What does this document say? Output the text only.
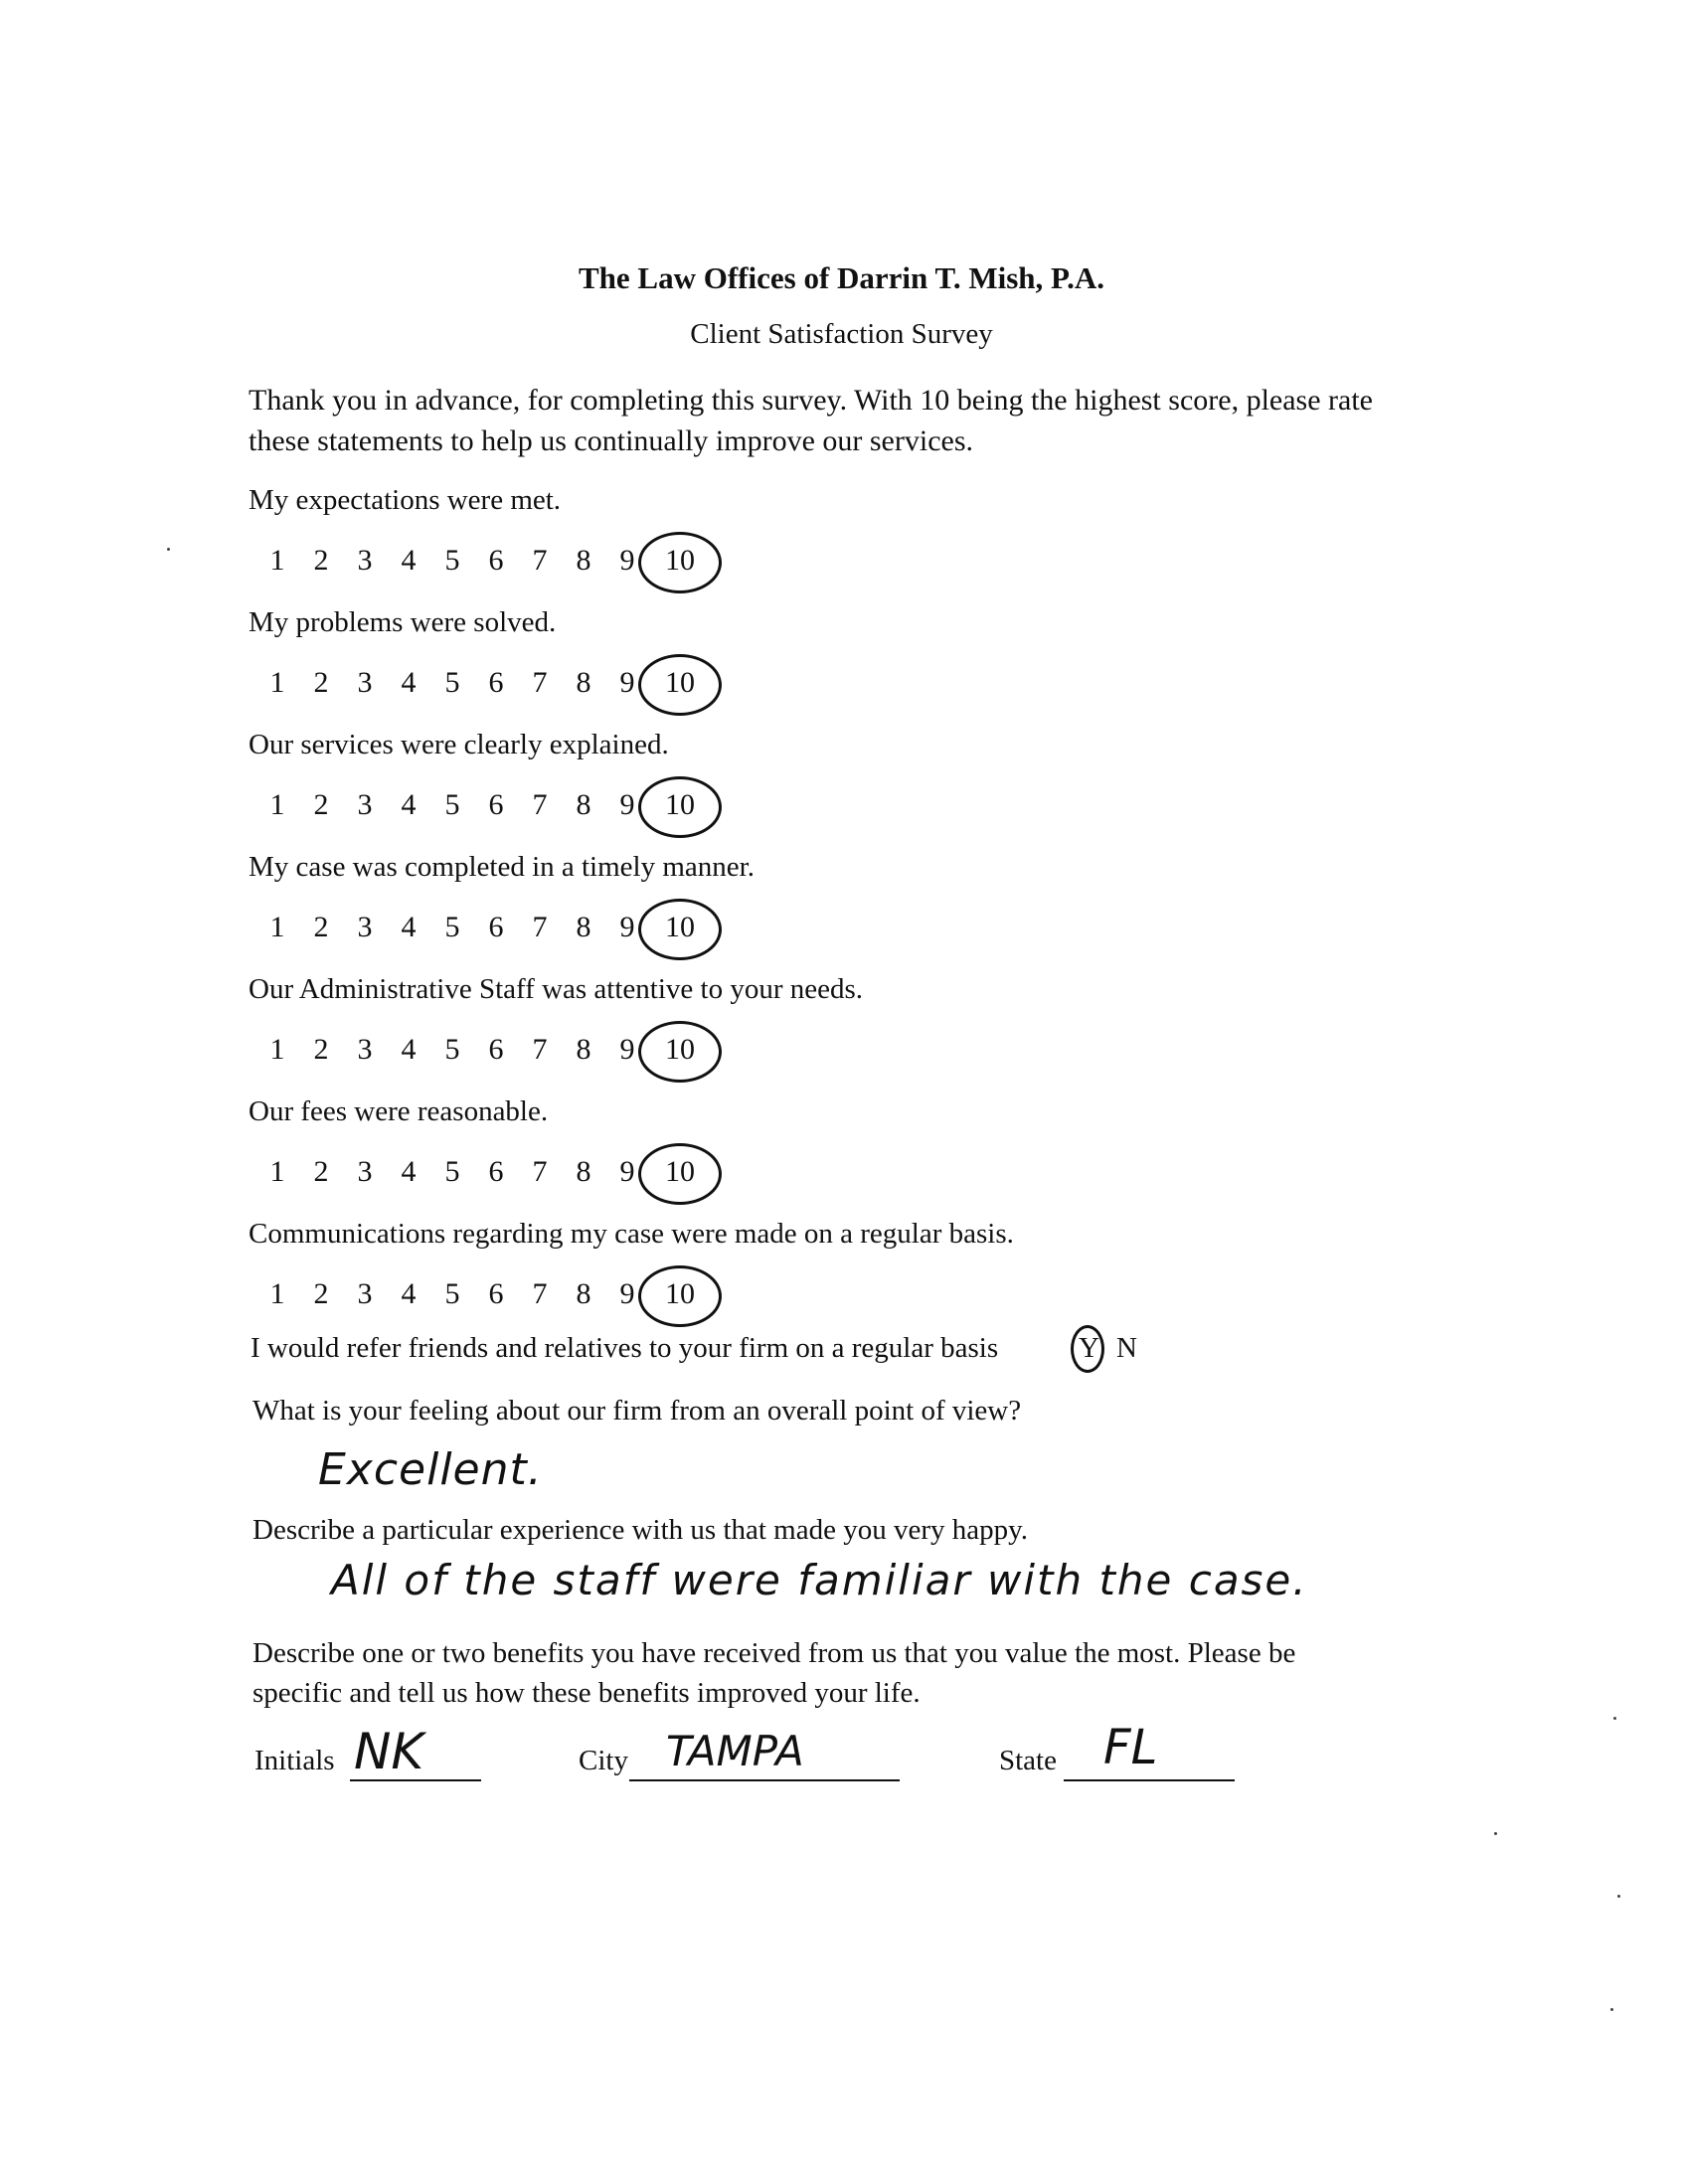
The Law Offices of Darrin T. Mish, P.A.
Client Satisfaction Survey
Thank you in advance, for completing this survey. With 10 being the highest score, please rate
these statements to help us continually improve our services.
My expectations were met.
1 2 3 4 5 6 7 8 9 10
My problems were solved.
1 2 3 4 5 6 7 8 9 10
Our services were clearly explained.
1 2 3 4 5 6 7 8 9 10
My case was completed in a timely manner.
1 2 3 4 5 6 7 8 9 10
Our Administrative Staff was attentive to your needs.
1 2 3 4 5 6 7 8 9 10
Our fees were reasonable.
1 2 3 4 5 6 7 8 9 10
Communications regarding my case were made on a regular basis.
1 2 3 4 5 6 7 8 9 10
I would refer friends and relatives to your firm on a regular basis	Y N
What is your feeling about our firm from an overall point of view?
Excellent.
Describe a particular experience with us that made you very happy.
All of the staff were familiar with the case.
Describe one or two benefits you have received from us that you value the most. Please be
specific and tell us how these benefits improved your life.
Initials NK	City TAMPA	State FL
